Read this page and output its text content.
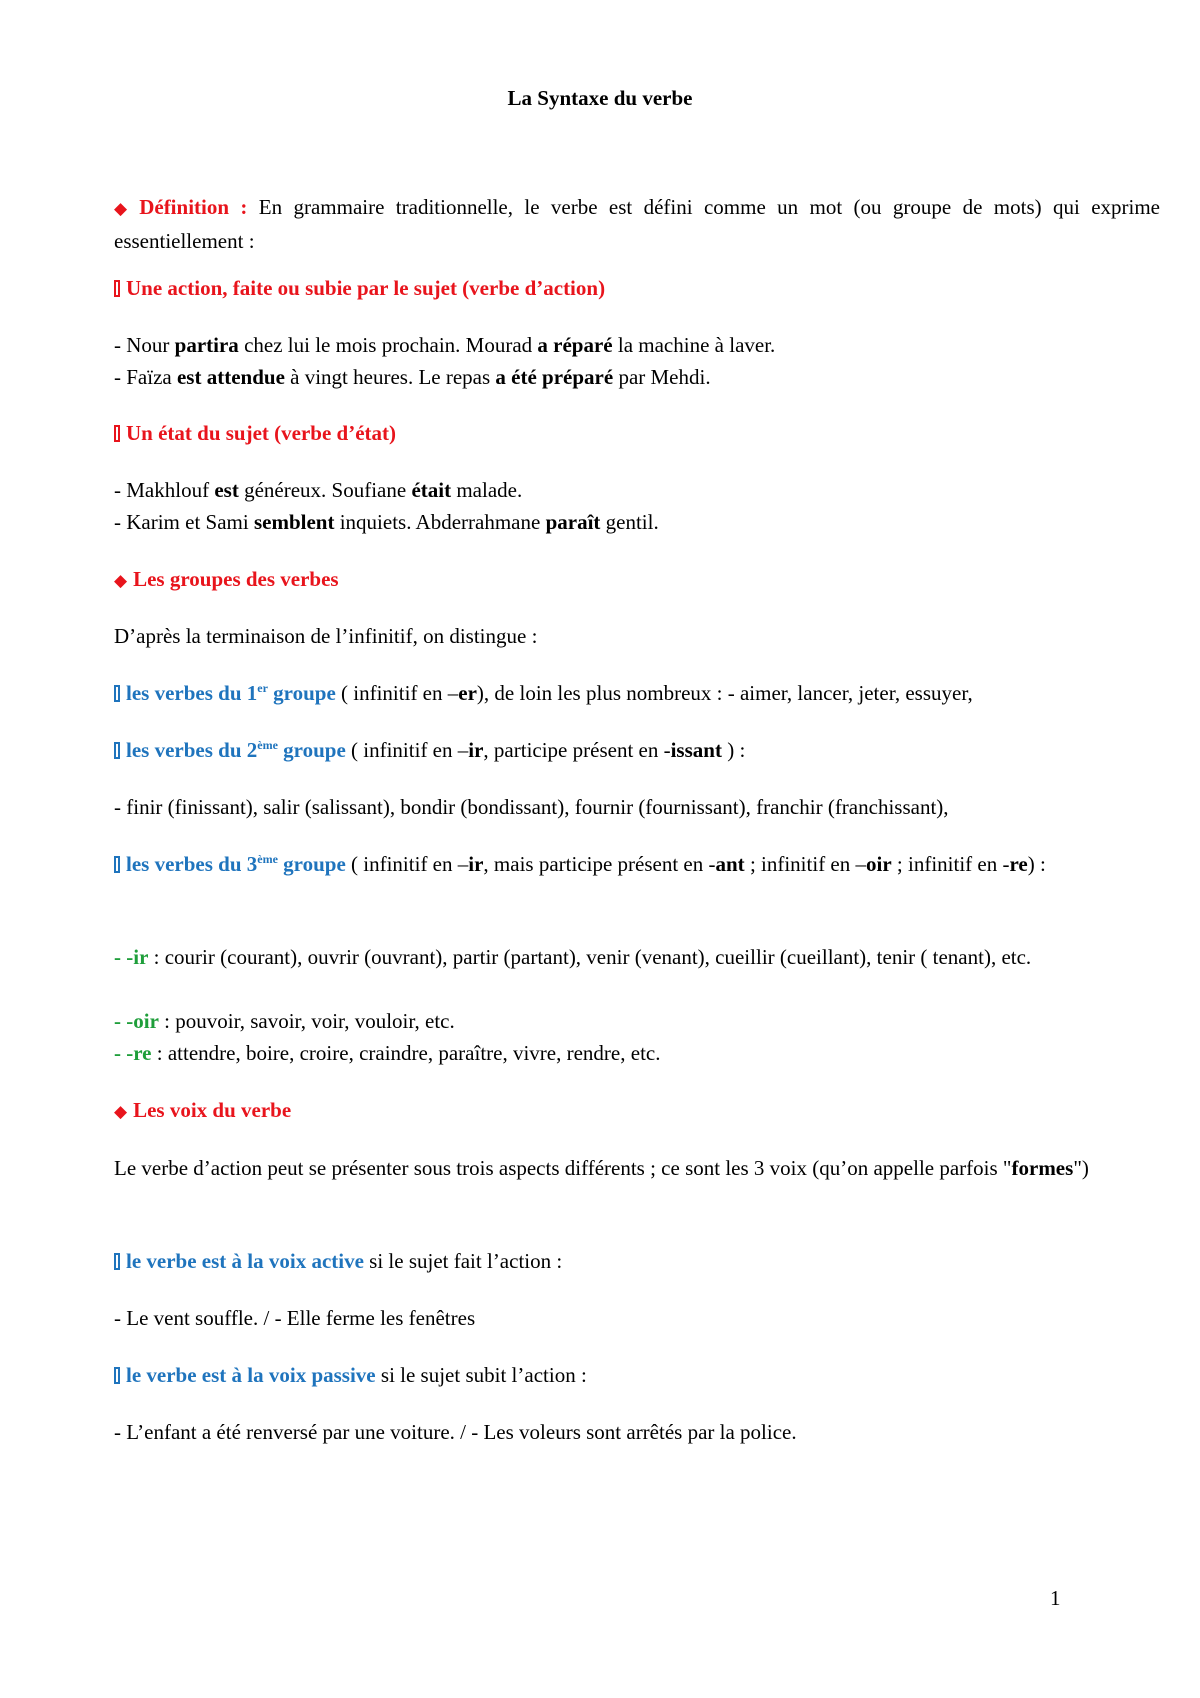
La Syntaxe du verbe
◆ Définition : En grammaire traditionnelle, le verbe est défini comme un mot (ou groupe de mots) qui exprime essentiellement :
Une action, faite ou subie par le sujet (verbe d’action)
- Nour partira chez lui le mois prochain. Mourad a réparé la machine à laver.
- Faïza est attendue à vingt heures. Le repas a été préparé par Mehdi.
Un état du sujet (verbe d’état)
- Makhlouf est généreux. Soufiane était malade.
- Karim et Sami semblent inquiets. Abderrahmane paraît gentil.
◆ Les groupes des verbes
D’après la terminaison de l’infinitif, on distingue :
les verbes du 1er groupe ( infinitif en –er), de loin les plus nombreux : - aimer, lancer, jeter, essuyer,
les verbes du 2ème groupe ( infinitif en –ir, participe présent en -issant ) :
- finir (finissant), salir (salissant), bondir (bondissant), fournir (fournissant), franchir (franchissant),
les verbes du 3ème groupe ( infinitif en –ir, mais participe présent en -ant ; infinitif en –oir ; infinitif en -re) :
- -ir : courir (courant), ouvrir (ouvrant), partir (partant), venir (venant), cueillir (cueillant), tenir ( tenant), etc.
- -oir : pouvoir, savoir, voir, vouloir, etc.
- -re : attendre, boire, croire, craindre, paraître, vivre, rendre, etc.
◆ Les voix du verbe
Le verbe d’action peut se présenter sous trois aspects différents ; ce sont les 3 voix (qu’on appelle parfois "formes")
le verbe est à la voix active si le sujet fait l’action :
- Le vent souffle. / - Elle ferme les fenêtres
le verbe est à la voix passive si le sujet subit l’action :
- L’enfant a été renversé par une voiture. / - Les voleurs sont arrêtés par la police.
1
